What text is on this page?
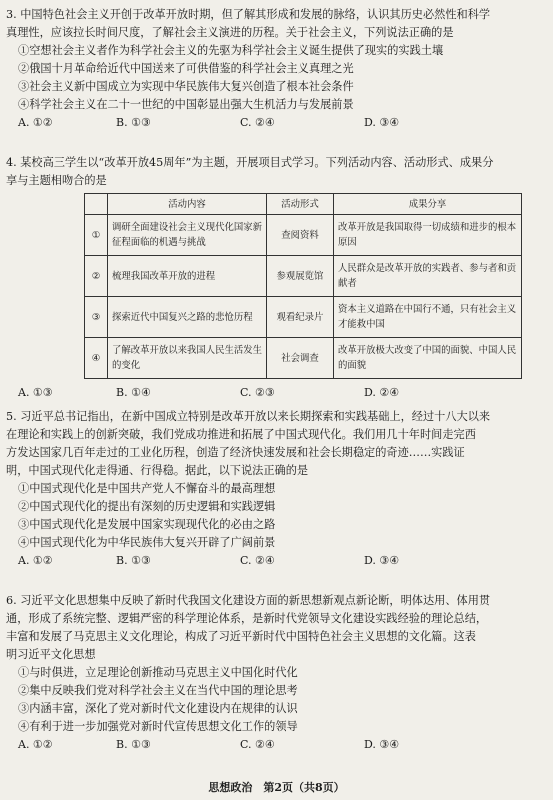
3. 中国特色社会主义开创于改革开放时期，但了解其形成和发展的脉络，认识其历史必然性和科学
真理性，应该拉长时间尺度，了解社会主义演进的历程。关于社会主义，下列说法正确的是
①空想社会主义者作为科学社会主义的先驱为科学社会主义诞生提供了现实的实践土壤
②俄国十月革命给近代中国送来了可供借鉴的科学社会主义真理之光
③社会主义新中国成立为实现中华民族伟大复兴创造了根本社会条件
④科学社会主义在二十一世纪的中国彰显出强大生机活力与发展前景
A. ①②	B. ①③	C. ②④	D. ③④
4. 某校高三学生以“改革开放45周年”为主题，开展项目式学习。下列活动内容、活动形式、成果分
享与主题相吻合的是
	活动内容	活动形式	成果分享
①	调研全面建设社会主义现代化国家新征程面临的机遇与挑战	查阅资料	改革开放是我国取得一切成绩和进步的根本原因
②	梳理我国改革开放的进程	参观展览馆	人民群众是改革开放的实践者、参与者和贡献者
③	探索近代中国复兴之路的悲怆历程	观看纪录片	资本主义道路在中国行不通，只有社会主义才能救中国
④	了解改革开放以来我国人民生活发生的变化	社会调查	改革开放极大改变了中国的面貌、中国人民的面貌
A. ①③	B. ①④	C. ②③	D. ②④
5. 习近平总书记指出，在新中国成立特别是改革开放以来长期探索和实践基础上，经过十八大以来
在理论和实践上的创新突破，我们党成功推进和拓展了中国式现代化。我们用几十年时间走完西
方发达国家几百年走过的工业化历程，创造了经济快速发展和社会长期稳定的奇迹……实践证
明，中国式现代化走得通、行得稳。据此，以下说法正确的是
①中国式现代化是中国共产党人不懈奋斗的最高理想
②中国式现代化的提出有深刻的历史逻辑和实践逻辑
③中国式现代化是发展中国家实现现代化的必由之路
④中国式现代化为中华民族伟大复兴开辟了广阔前景
A. ①②	B. ①③	C. ②④	D. ③④
6. 习近平文化思想集中反映了新时代我国文化建设方面的新思想新观点新论断，明体达用、体用贯
通，形成了系统完整、逻辑严密的科学理论体系，是新时代党领导文化建设实践经验的理论总结，
丰富和发展了马克思主义文化理论，构成了习近平新时代中国特色社会主义思想的文化篇。这表
明习近平文化思想
①与时俱进，立足理论创新推动马克思主义中国化时代化
②集中反映我们党对科学社会主义在当代中国的理论思考
③内涵丰富，深化了党对新时代文化建设内在规律的认识
④有利于进一步加强党对新时代宣传思想文化工作的领导
A. ①②	B. ①③	C. ②④	D. ③④
思想政治　第2页（共8页）
